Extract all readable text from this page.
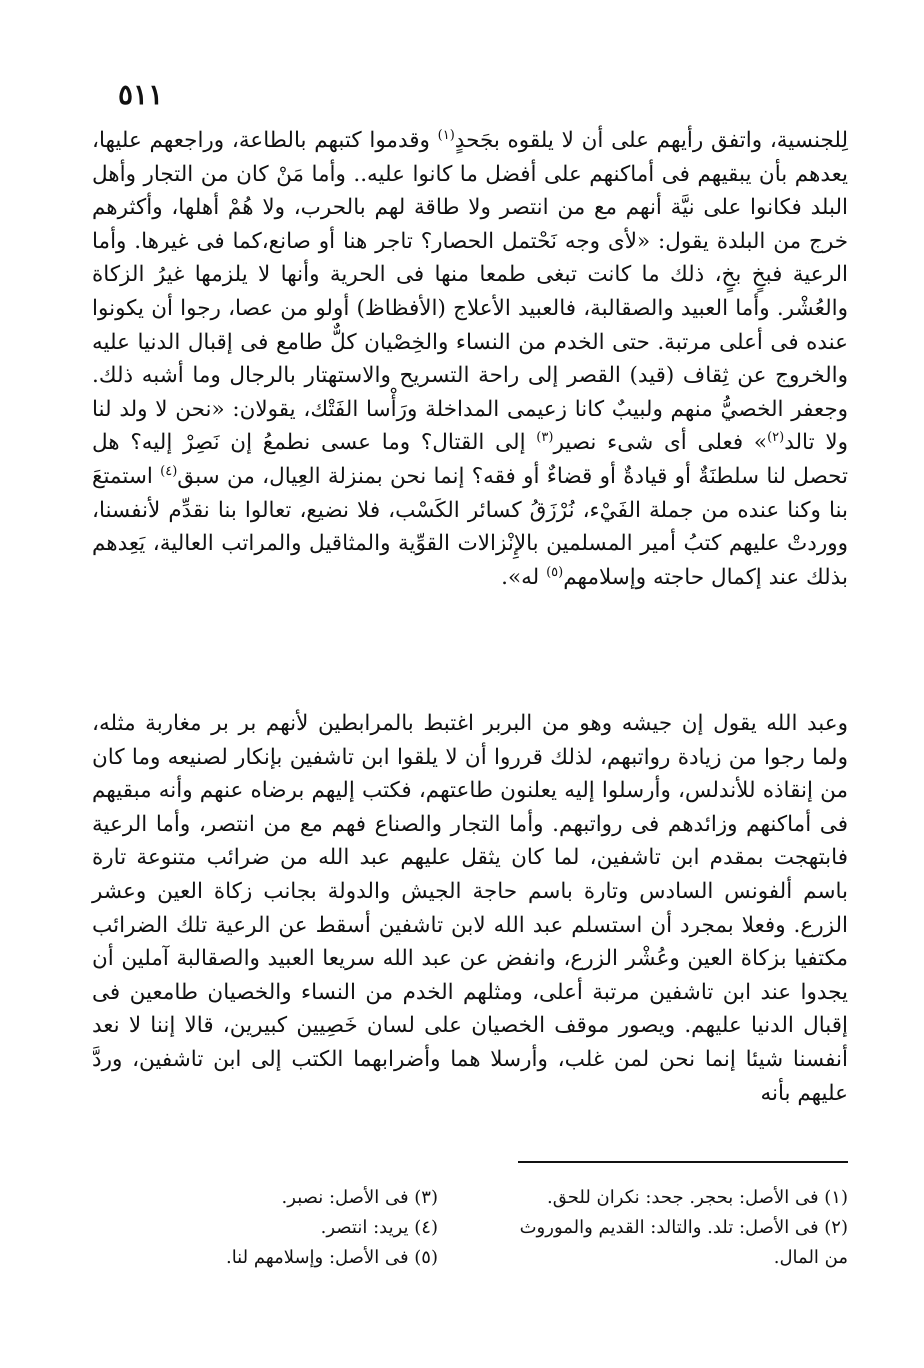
٥١١

لِلجنسية، واتفق رأيهم على أن لا يلقوه بجَحدٍ$^{(١)}$ وقدموا كتبهم بالطاعة، وراجعهم عليها، يعدهم بأن يبقيهم فى أماكنهم على أفضل ما كانوا عليه.. وأما مَنْ كان من التجار وأهل البلد فكانوا على نيَّة أنهم مع من انتصر ولا طاقة لهم بالحرب، ولا هُمْ أهلها، وأكثرهم خرج من البلدة يقول: «لأى وجه نَحْتمل الحصار؟ تاجر هنا أو صانع،كما فى غيرها. وأما الرعية فبخٍ بخٍ، ذلك ما كانت تبغى طمعا منها فى الحرية وأنها لا يلزمها غيرُ الزكاة والعُشْر. وأما العبيد والصقالبة، فالعبيد الأعلاج (الأفظاظ) أولو من عصا، رجوا أن يكونوا عنده فى أعلى مرتبة. حتى الخدم من النساء والخِصْيان كلٌّ طامع فى إقبال الدنيا عليه والخروج عن ثِقاف (قيد) القصر إلى راحة التسريح والاستهتار بالرجال وما أشبه ذلك. وجعفر الخصيُّ منهم ولبيبٌ كانا زعيمى المداخلة ورَأْسا الفَتْك، يقولان: «نحن لا ولد لنا ولا تالد$^{(٢)}$» فعلى أى شىء نصير$^{(٣)}$ إلى القتال؟ وما عسى نطمعُ إن نَصِرْ إليه؟ هل تحصل لنا سلطنَةٌ أو قيادةٌ أو قضاءٌ أو فقه؟ إنما نحن بمنزلة العِيال، من سبق$^{(٤)}$ استمتعَ بنا وكنا عنده من جملة الفَيْء، نُرْزَقُ كسائر الكَسْب، فلا نضيع، تعالوا بنا نقدِّم لأنفسنا، ووردتْ عليهم كتبُ أمير المسلمين بالإِنْزالات القوِّية والمثاقيل والمراتب العالية، يَعِدهم بذلك عند إكمال حاجته وإسلامهم$^{(٥)}$ له».

وعبد الله يقول إن جيشه وهو من البربر اغتبط بالمرابطين لأنهم بر بر مغاربة مثله، ولما رجوا من زيادة رواتبهم، لذلك قرروا أن لا يلقوا ابن تاشفين بإنكار لصنيعه وما كان من إنقاذه للأندلس، وأرسلوا إليه يعلنون طاعتهم، فكتب إليهم برضاه عنهم وأنه مبقيهم فى أماكنهم وزائدهم فى رواتبهم. وأما التجار والصناع فهم مع من انتصر، وأما الرعية فابتهجت بمقدم ابن تاشفين، لما كان يثقل عليهم عبد الله من ضرائب متنوعة تارة باسم ألفونس السادس وتارة باسم حاجة الجيش والدولة بجانب زكاة العين وعشر الزرع. وفعلا بمجرد أن استسلم عبد الله لابن تاشفين أسقط عن الرعية تلك الضرائب مكتفيا بزكاة العين وعُشْر الزرع، وانفض عن عبد الله سريعا العبيد والصقالبة آملين أن يجدوا عند ابن تاشفين مرتبة أعلى، ومثلهم الخدم من النساء والخصيان طامعين فى إقبال الدنيا عليهم. ويصور موقف الخصيان على لسان خَصِيين كبيرين، قالا إننا لا نعد أنفسنا شيئا إنما نحن لمن غلب، وأرسلا هما وأضرابهما الكتب إلى ابن تاشفين، وردَّ عليهم بأنه

(١) فى الأصل: بحجر. جحد: نكران للحق.
(٢) فى الأصل: تلد. والتالد: القديم والموروث من المال.
(٣) فى الأصل: نصبر.
(٤) يريد: انتصر.
(٥) فى الأصل: وإسلامهم لنا.
